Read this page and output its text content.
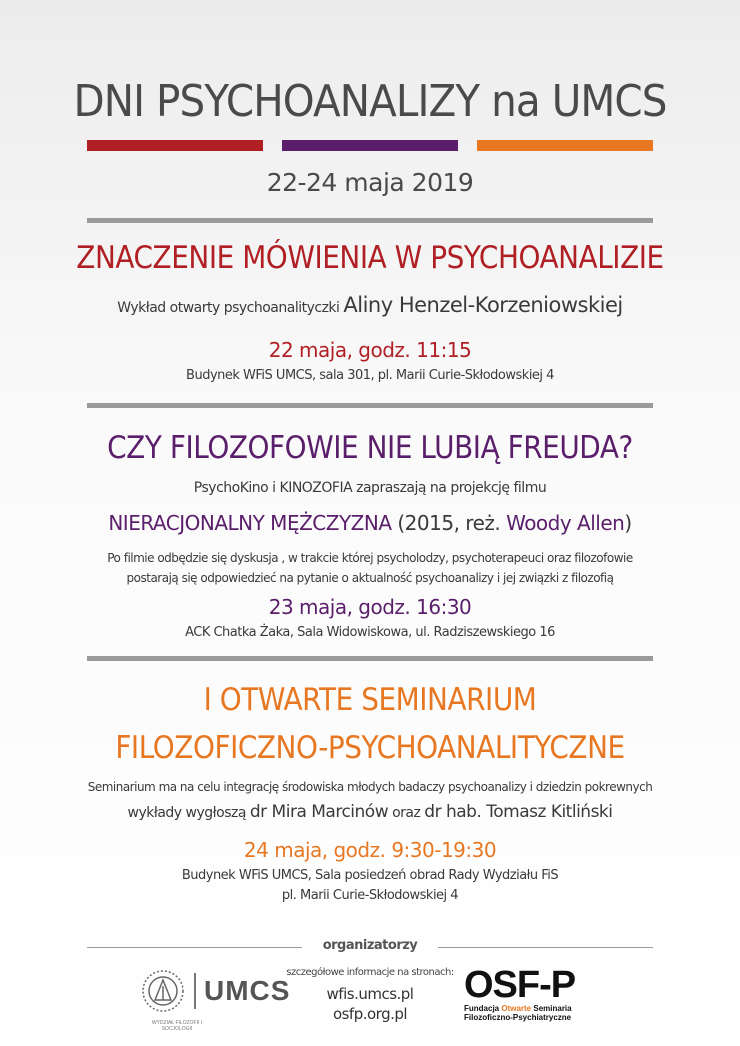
DNI PSYCHOANALIZY na UMCS
22-24 maja 2019
ZNACZENIE MÓWIENIA W PSYCHOANALIZIE
Wykład otwarty psychoanalityczki Aliny Henzel-Korzeniowskiej
22 maja, godz. 11:15
Budynek WFiS UMCS, sala 301, pl. Marii Curie-Skłodowskiej 4
CZY FILOZOFOWIE NIE LUBIĄ FREUDA?
PsychoKino i KINOZOFIA zapraszają na projekcję filmu
NIERACJONALNY MĘŻCZYZNA (2015, reż. Woody Allen)
Po filmie odbędzie się dyskusja , w trakcie której psycholodzy, psychoterapeuci oraz filozofowie
postarają się odpowiedzieć na pytanie o aktualność psychoanalizy i jej związki z filozofią
23 maja, godz. 16:30
ACK Chatka Żaka, Sala Widowiskowa, ul. Radziszewskiego 16
I OTWARTE SEMINARIUM
FILOZOFICZNO-PSYCHOANALITYCZNE
Seminarium ma na celu integrację środowiska młodych badaczy psychoanalizy i dziedzin pokrewnych
wykłady wygłoszą dr Mira Marcinów oraz dr hab. Tomasz Kitliński
24 maja, godz. 9:30-19:30
Budynek WFiS UMCS, Sala posiedzeń obrad Rady Wydziału FiS
pl. Marii Curie-Skłodowskiej 4
organizatorzy
UMCS
WYDZIAŁ FILOZOFII I SOCJOLOGII
szczegółowe informacje na stronach:
wfis.umcs.pl
osfp.org.pl
OSF-P
Fundacja Otwarte Seminaria
Filozoficzno-Psychiatryczne
